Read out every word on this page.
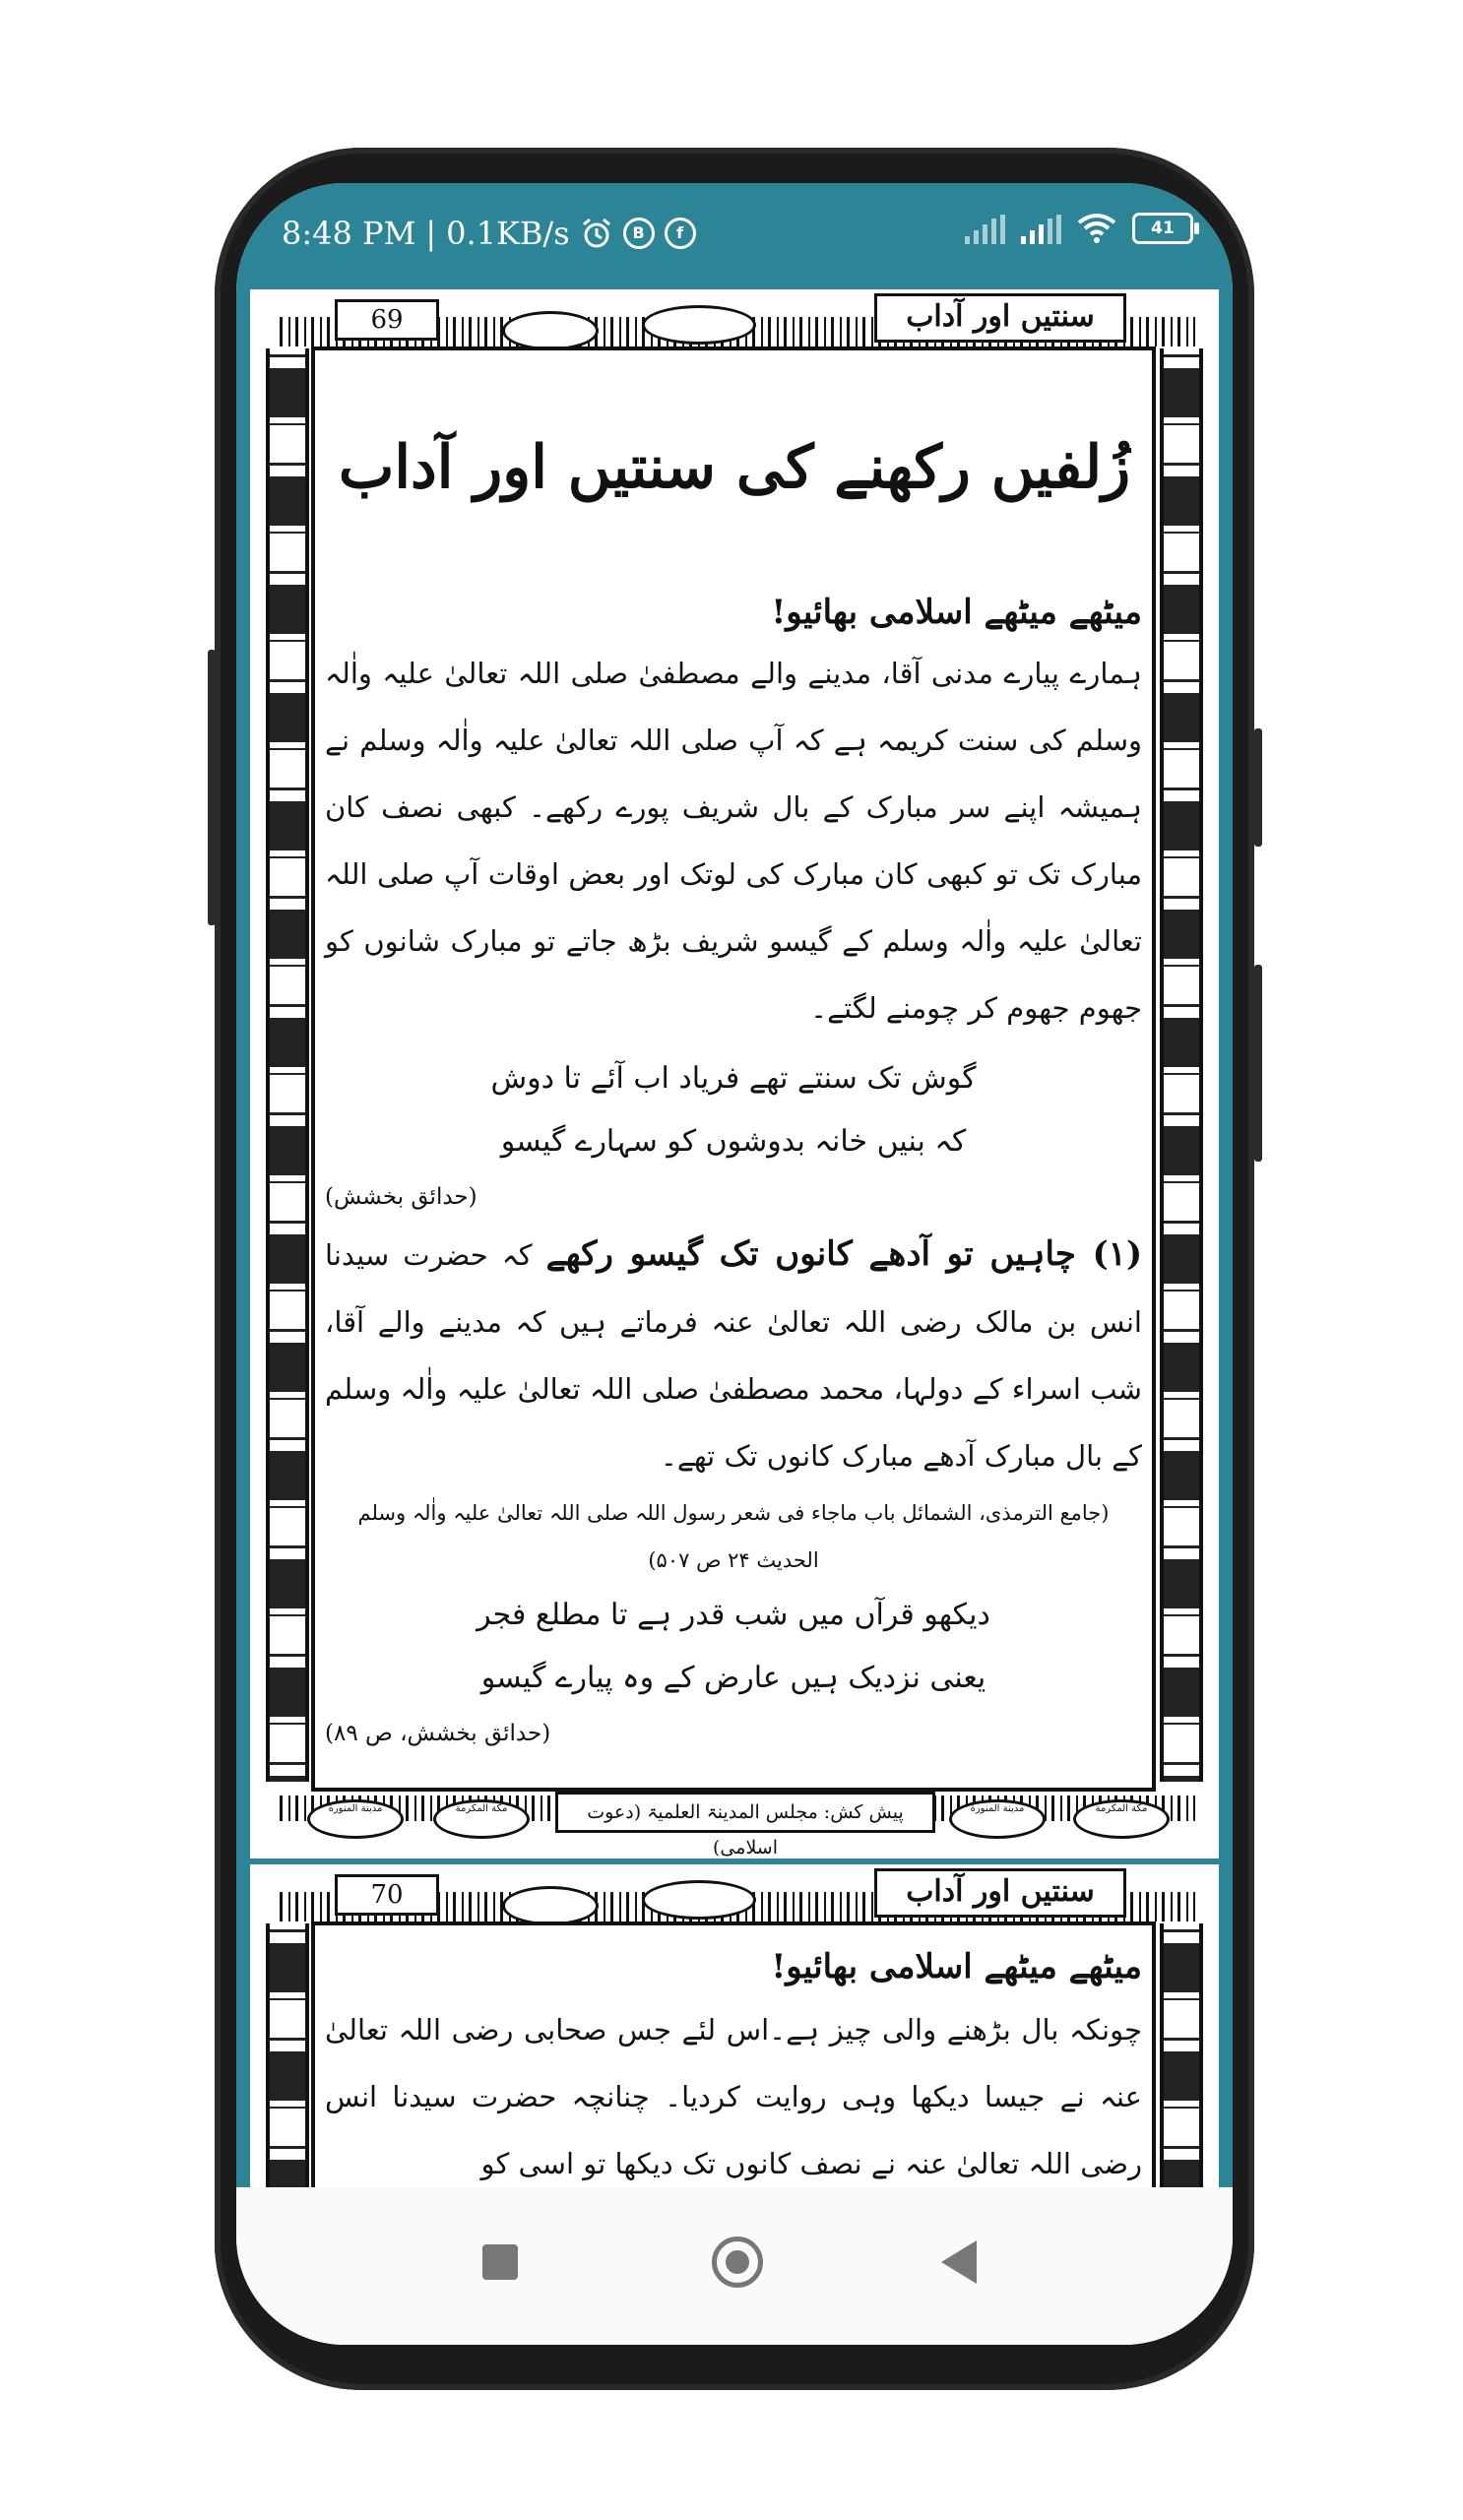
8:48 PM | 0.1KB/s	B	f	41
69	سنتیں اور آداب
زُلفیں رکھنے کی سنتیں اور آداب
میٹھے میٹھے اسلامی بھائیو!
ہمارے پیارے مدنی آقا، مدینے والے مصطفیٰ صلی اللہ تعالیٰ علیہ واٰلہ وسلم کی سنت کریمہ ہے کہ آپ صلی اللہ تعالیٰ علیہ واٰلہ وسلم نے ہمیشہ اپنے سر مبارک کے بال شریف پورے رکھے۔ کبھی نصف کان مبارک تک تو کبھی کان مبارک کی لوتک اور بعض اوقات آپ صلی اللہ تعالیٰ علیہ واٰلہ وسلم کے گیسو شریف بڑھ جاتے تو مبارک شانوں کو جھوم جھوم کر چومنے لگتے۔
گوش تک سنتے تھے فریاد اب آئے تا دوش
کہ بنیں خانہ بدوشوں کو سہارے گیسو
(حدائق بخشش)
(۱) چاہیں تو آدھے کانوں تک گیسو رکھے کہ حضرت سیدنا انس بن مالک رضی اللہ تعالیٰ عنہ فرماتے ہیں کہ مدینے والے آقا، شب اسراء کے دولہا، محمد مصطفیٰ صلی اللہ تعالیٰ علیہ واٰلہ وسلم کے بال مبارک آدھے مبارک کانوں تک تھے۔
(جامع الترمذی، الشمائل باب ماجاء فی شعر رسول اللہ صلی اللہ تعالیٰ علیہ واٰلہ وسلم الحدیث ۲۴ ص ۵۰۷)
دیکھو قرآں میں شب قدر ہے تا مطلع فجر
یعنی نزدیک ہیں عارض کے وہ پیارے گیسو
(حدائق بخشش، ص ۸۹)
مدینة المنورة	مكة المكرمة	پیش کش: مجلس المدینۃ العلمیۃ (دعوت اسلامی)
مدینة المنورة	مكة المكرمة
70	سنتیں اور آداب
میٹھے میٹھے اسلامی بھائیو!
چونکہ بال بڑھنے والی چیز ہے۔اس لئے جس صحابی رضی اللہ تعالیٰ عنہ نے جیسا دیکھا وہی روایت کردیا۔ چنانچہ حضرت سیدنا انس رضی اللہ تعالیٰ عنہ نے نصف کانوں تک دیکھا تو اسی کو
